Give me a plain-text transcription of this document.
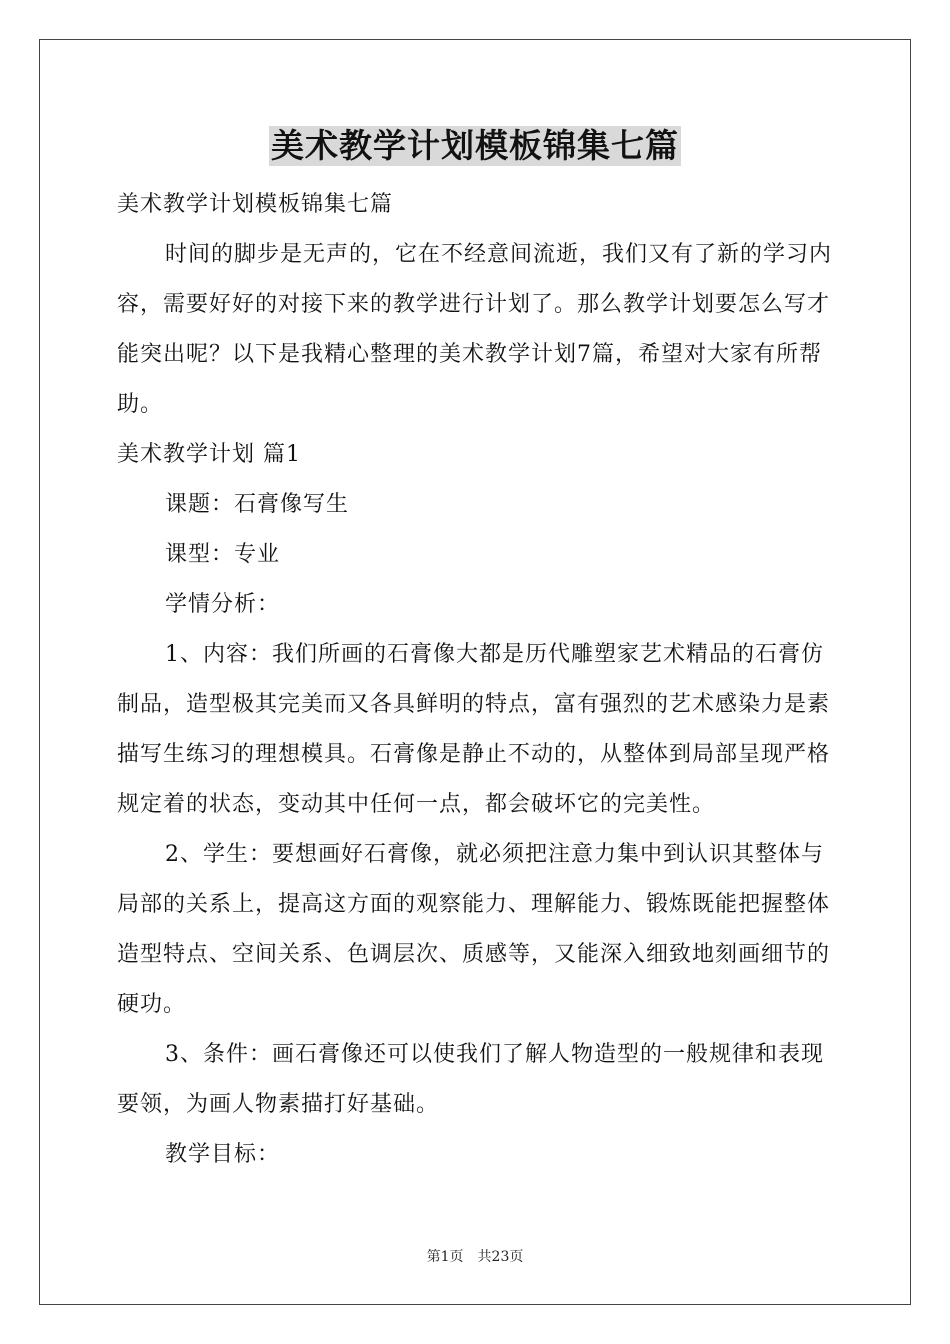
美术教学计划模板锦集七篇

美术教学计划模板锦集七篇

时间的脚步是无声的，它在不经意间流逝，我们又有了新的学习内容，需要好好的对接下来的教学进行计划了。那么教学计划要怎么写才能突出呢？以下是我精心整理的美术教学计划7篇，希望对大家有所帮助。

美术教学计划 篇1

课题：石膏像写生

课型：专业

学情分析：

1、内容：我们所画的石膏像大都是历代雕塑家艺术精品的石膏仿制品，造型极其完美而又各具鲜明的特点，富有强烈的艺术感染力是素描写生练习的理想模具。石膏像是静止不动的，从整体到局部呈现严格规定着的状态，变动其中任何一点，都会破坏它的完美性。

2、学生：要想画好石膏像，就必须把注意力集中到认识其整体与局部的关系上，提高这方面的观察能力、理解能力、锻炼既能把握整体造型特点、空间关系、色调层次、质感等，又能深入细致地刻画细节的硬功。

3、条件：画石膏像还可以使我们了解人物造型的一般规律和表现要领，为画人物素描打好基础。

教学目标：

第1页　共23页
